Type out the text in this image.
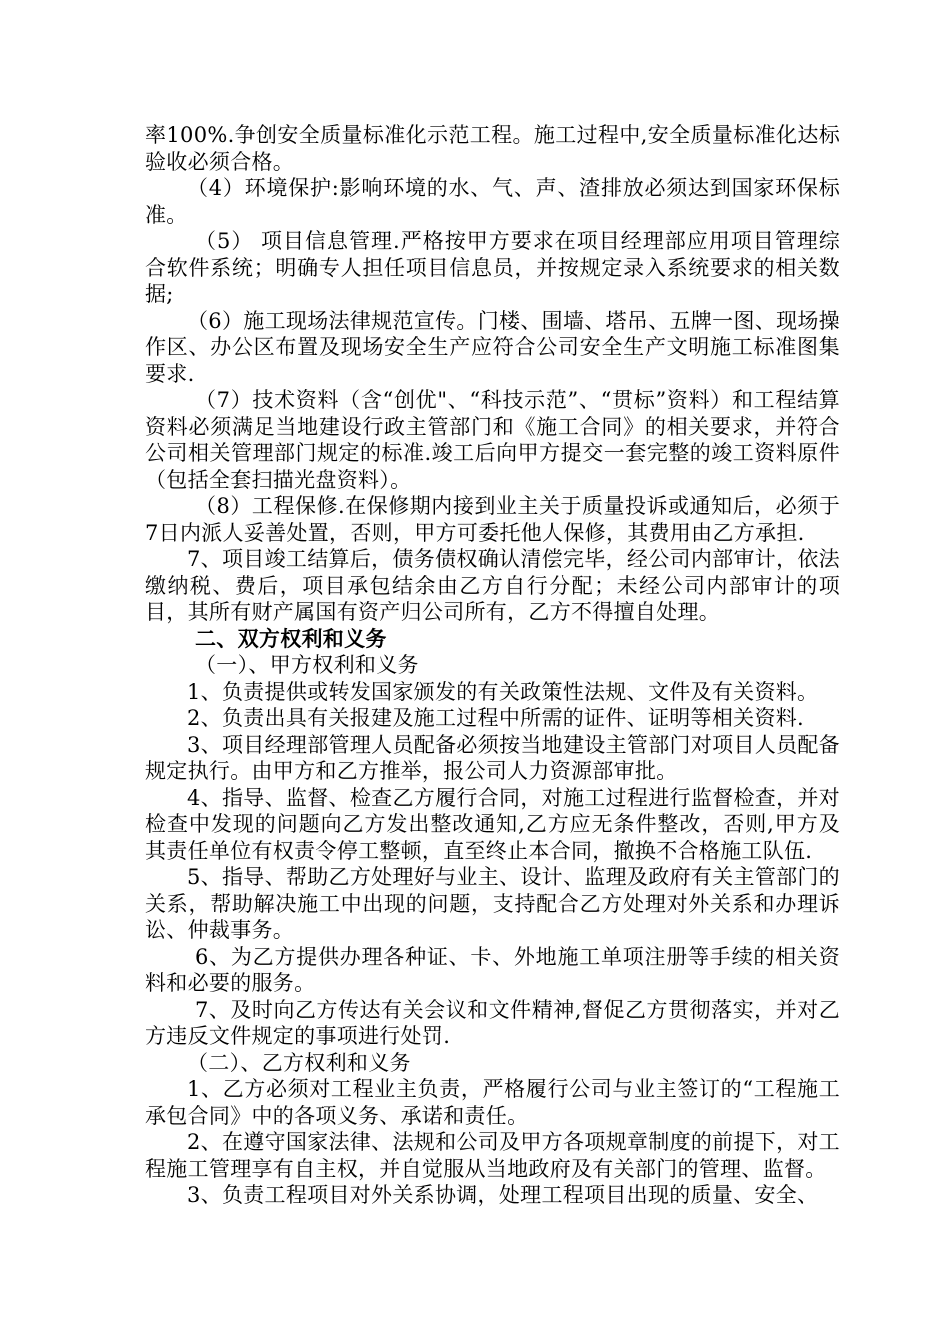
率100%.争创安全质量标准化示范工程。施工过程中,安全质量标准化达标验收必须合格。

（4）环境保护:影响环境的水、气、声、渣排放必须达到国家环保标准。

（5） 项目信息管理.严格按甲方要求在项目经理部应用项目管理综合软件系统；明确专人担任项目信息员，并按规定录入系统要求的相关数据;

（6）施工现场法律规范宣传。门楼、围墙、塔吊、五牌一图、现场操作区、办公区布置及现场安全生产应符合公司安全生产文明施工标准图集要求.

（7）技术资料（含“创优"、“科技示范”、“贯标”资料）和工程结算资料必须满足当地建设行政主管部门和《施工合同》的相关要求，并符合公司相关管理部门规定的标准.竣工后向甲方提交一套完整的竣工资料原件（包括全套扫描光盘资料）。

（8）工程保修.在保修期内接到业主关于质量投诉或通知后，必须于7日内派人妥善处置，否则，甲方可委托他人保修，其费用由乙方承担.

7、项目竣工结算后，债务债权确认清偿完毕，经公司内部审计，依法缴纳税、费后，项目承包结余由乙方自行分配；未经公司内部审计的项目，其所有财产属国有资产归公司所有，乙方不得擅自处理。

二、双方权利和义务

（一）、甲方权利和义务

1、负责提供或转发国家颁发的有关政策性法规、文件及有关资料。

2、负责出具有关报建及施工过程中所需的证件、证明等相关资料.

3、项目经理部管理人员配备必须按当地建设主管部门对项目人员配备规定执行。由甲方和乙方推举，报公司人力资源部审批。

4、指导、监督、检查乙方履行合同，对施工过程进行监督检查，并对检查中发现的问题向乙方发出整改通知,乙方应无条件整改，否则,甲方及其责任单位有权责令停工整顿，直至终止本合同，撤换不合格施工队伍.

5、指导、帮助乙方处理好与业主、设计、监理及政府有关主管部门的关系，帮助解决施工中出现的问题，支持配合乙方处理对外关系和办理诉讼、仲裁事务。

6、为乙方提供办理各种证、卡、外地施工单项注册等手续的相关资料和必要的服务。

7、及时向乙方传达有关会议和文件精神,督促乙方贯彻落实，并对乙方违反文件规定的事项进行处罚.

（二）、乙方权利和义务

1、乙方必须对工程业主负责，严格履行公司与业主签订的“工程施工承包合同》中的各项义务、承诺和责任。

2、在遵守国家法律、法规和公司及甲方各项规章制度的前提下，对工程施工管理享有自主权，并自觉服从当地政府及有关部门的管理、监督。

3、负责工程项目对外关系协调，处理工程项目出现的质量、安全、
